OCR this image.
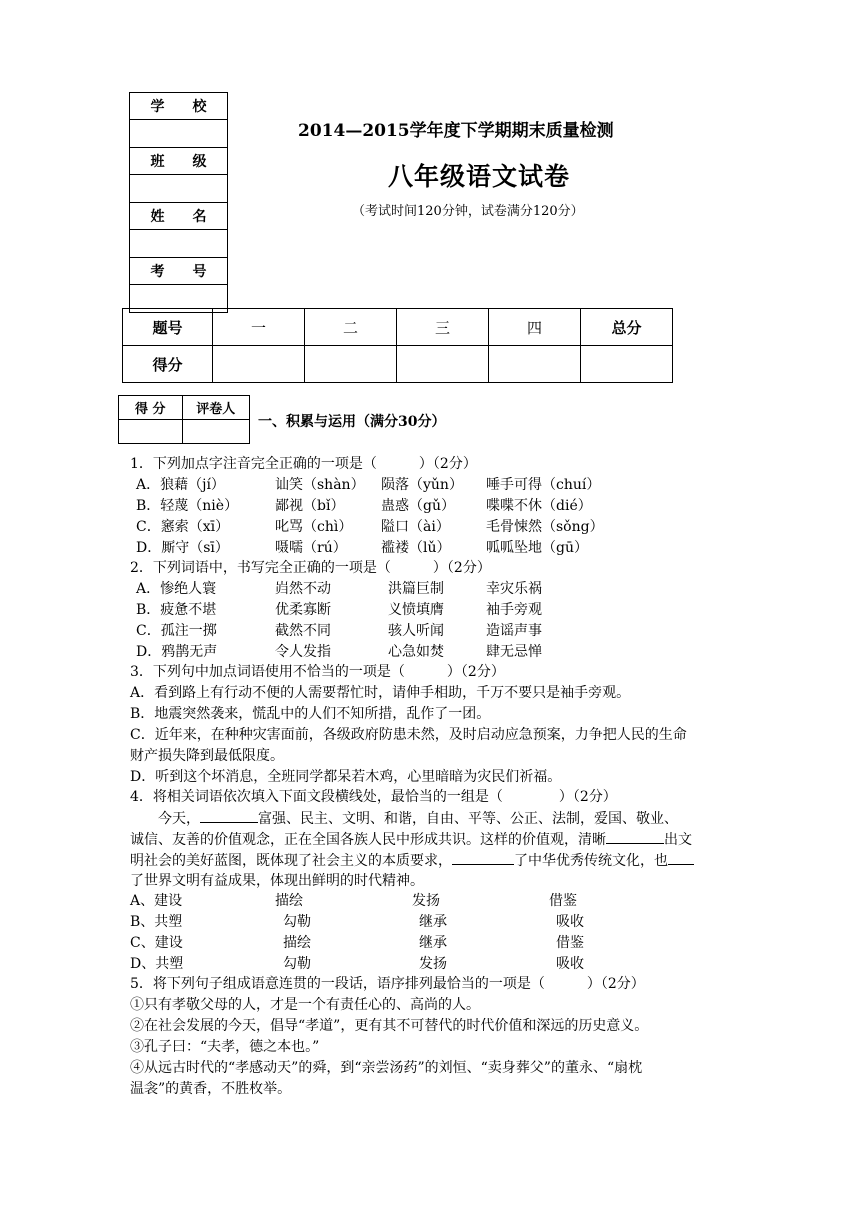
学　　校

班　　级

姓　　名

考　　号

2014—2015学年度下学期期末质量检测
八年级语文试卷
（考试时间120分钟，试卷满分120分）
题号	一	二	三	四	总分
得分					
得 分	评卷人

一、积累与运用（满分30分）
1．下列加点字注音完全正确的一项是（　　　）（2分）
A．狼藉（jí）	讪笑（shàn） 陨落（yǔn） 唾手可得（chuí）
B．轻蔑（niè）	鄙视（bǐ）	蛊惑（gǔ） 喋喋不休（dié）
C．窸索（xī）	叱骂（chì） 隘口（ài）	毛骨悚然（sǒng）
D．厮守（sī）	嗫嚅（rú） 褴褛（lǔ）	呱呱坠地（gū）
2．下列词语中，书写完全正确的一项是（　　　）（2分）
A．惨绝人寰	岿然不动	洪篇巨制	幸灾乐祸
B．疲惫不堪	优柔寡断	义愤填膺	袖手旁观
C．孤注一掷	截然不同	骇人听闻	造谣声事
D．鸦鹊无声	令人发指	心急如焚	肆无忌惮
3．下列句中加点词语使用不恰当的一项是（　　　）（2分）
A．看到路上有行动不便的人需要帮忙时，请伸手相助，千万不要只是袖手旁观。
B．地震突然袭来，慌乱中的人们不知所措，乱作了一团。
C．近年来，在种种灾害面前，各级政府防患未然，及时启动应急预案，力争把人民的生命
财产损失降到最低限度。
D．听到这个坏消息，全班同学都呆若木鸡，心里暗暗为灾民们祈福。
4．将相关词语依次填入下面文段横线处，最恰当的一组是（　　　　）（2分）
今天，	富强、民主、文明、和谐，自由、平等、公正、法制，爱国、敬业、
诚信、友善的价值观念，正在全国各族人民中形成共识。这样的价值观，清晰	出文
明社会的美好蓝图，既体现了社会主义的本质要求，	了中华优秀传统文化，也
了世界文明有益成果，体现出鲜明的时代精神。
A、建设	描绘	发扬	借鉴
B、共塑	勾勒	继承	吸收
C、建设	描绘	继承	借鉴
D、共塑	勾勒	发扬	吸收
5．将下列句子组成语意连贯的一段话，语序排列最恰当的一项是（　　　）（2分）
①只有孝敬父母的人，才是一个有责任心的、高尚的人。
②在社会发展的今天，倡导“孝道”，更有其不可替代的时代价值和深远的历史意义。
③孔子曰：“夫孝，德之本也。”
④从远古时代的“孝感动天”的舜，到“亲尝汤药”的刘恒、“卖身葬父”的董永、“扇枕
温衾”的黄香，不胜枚举。
